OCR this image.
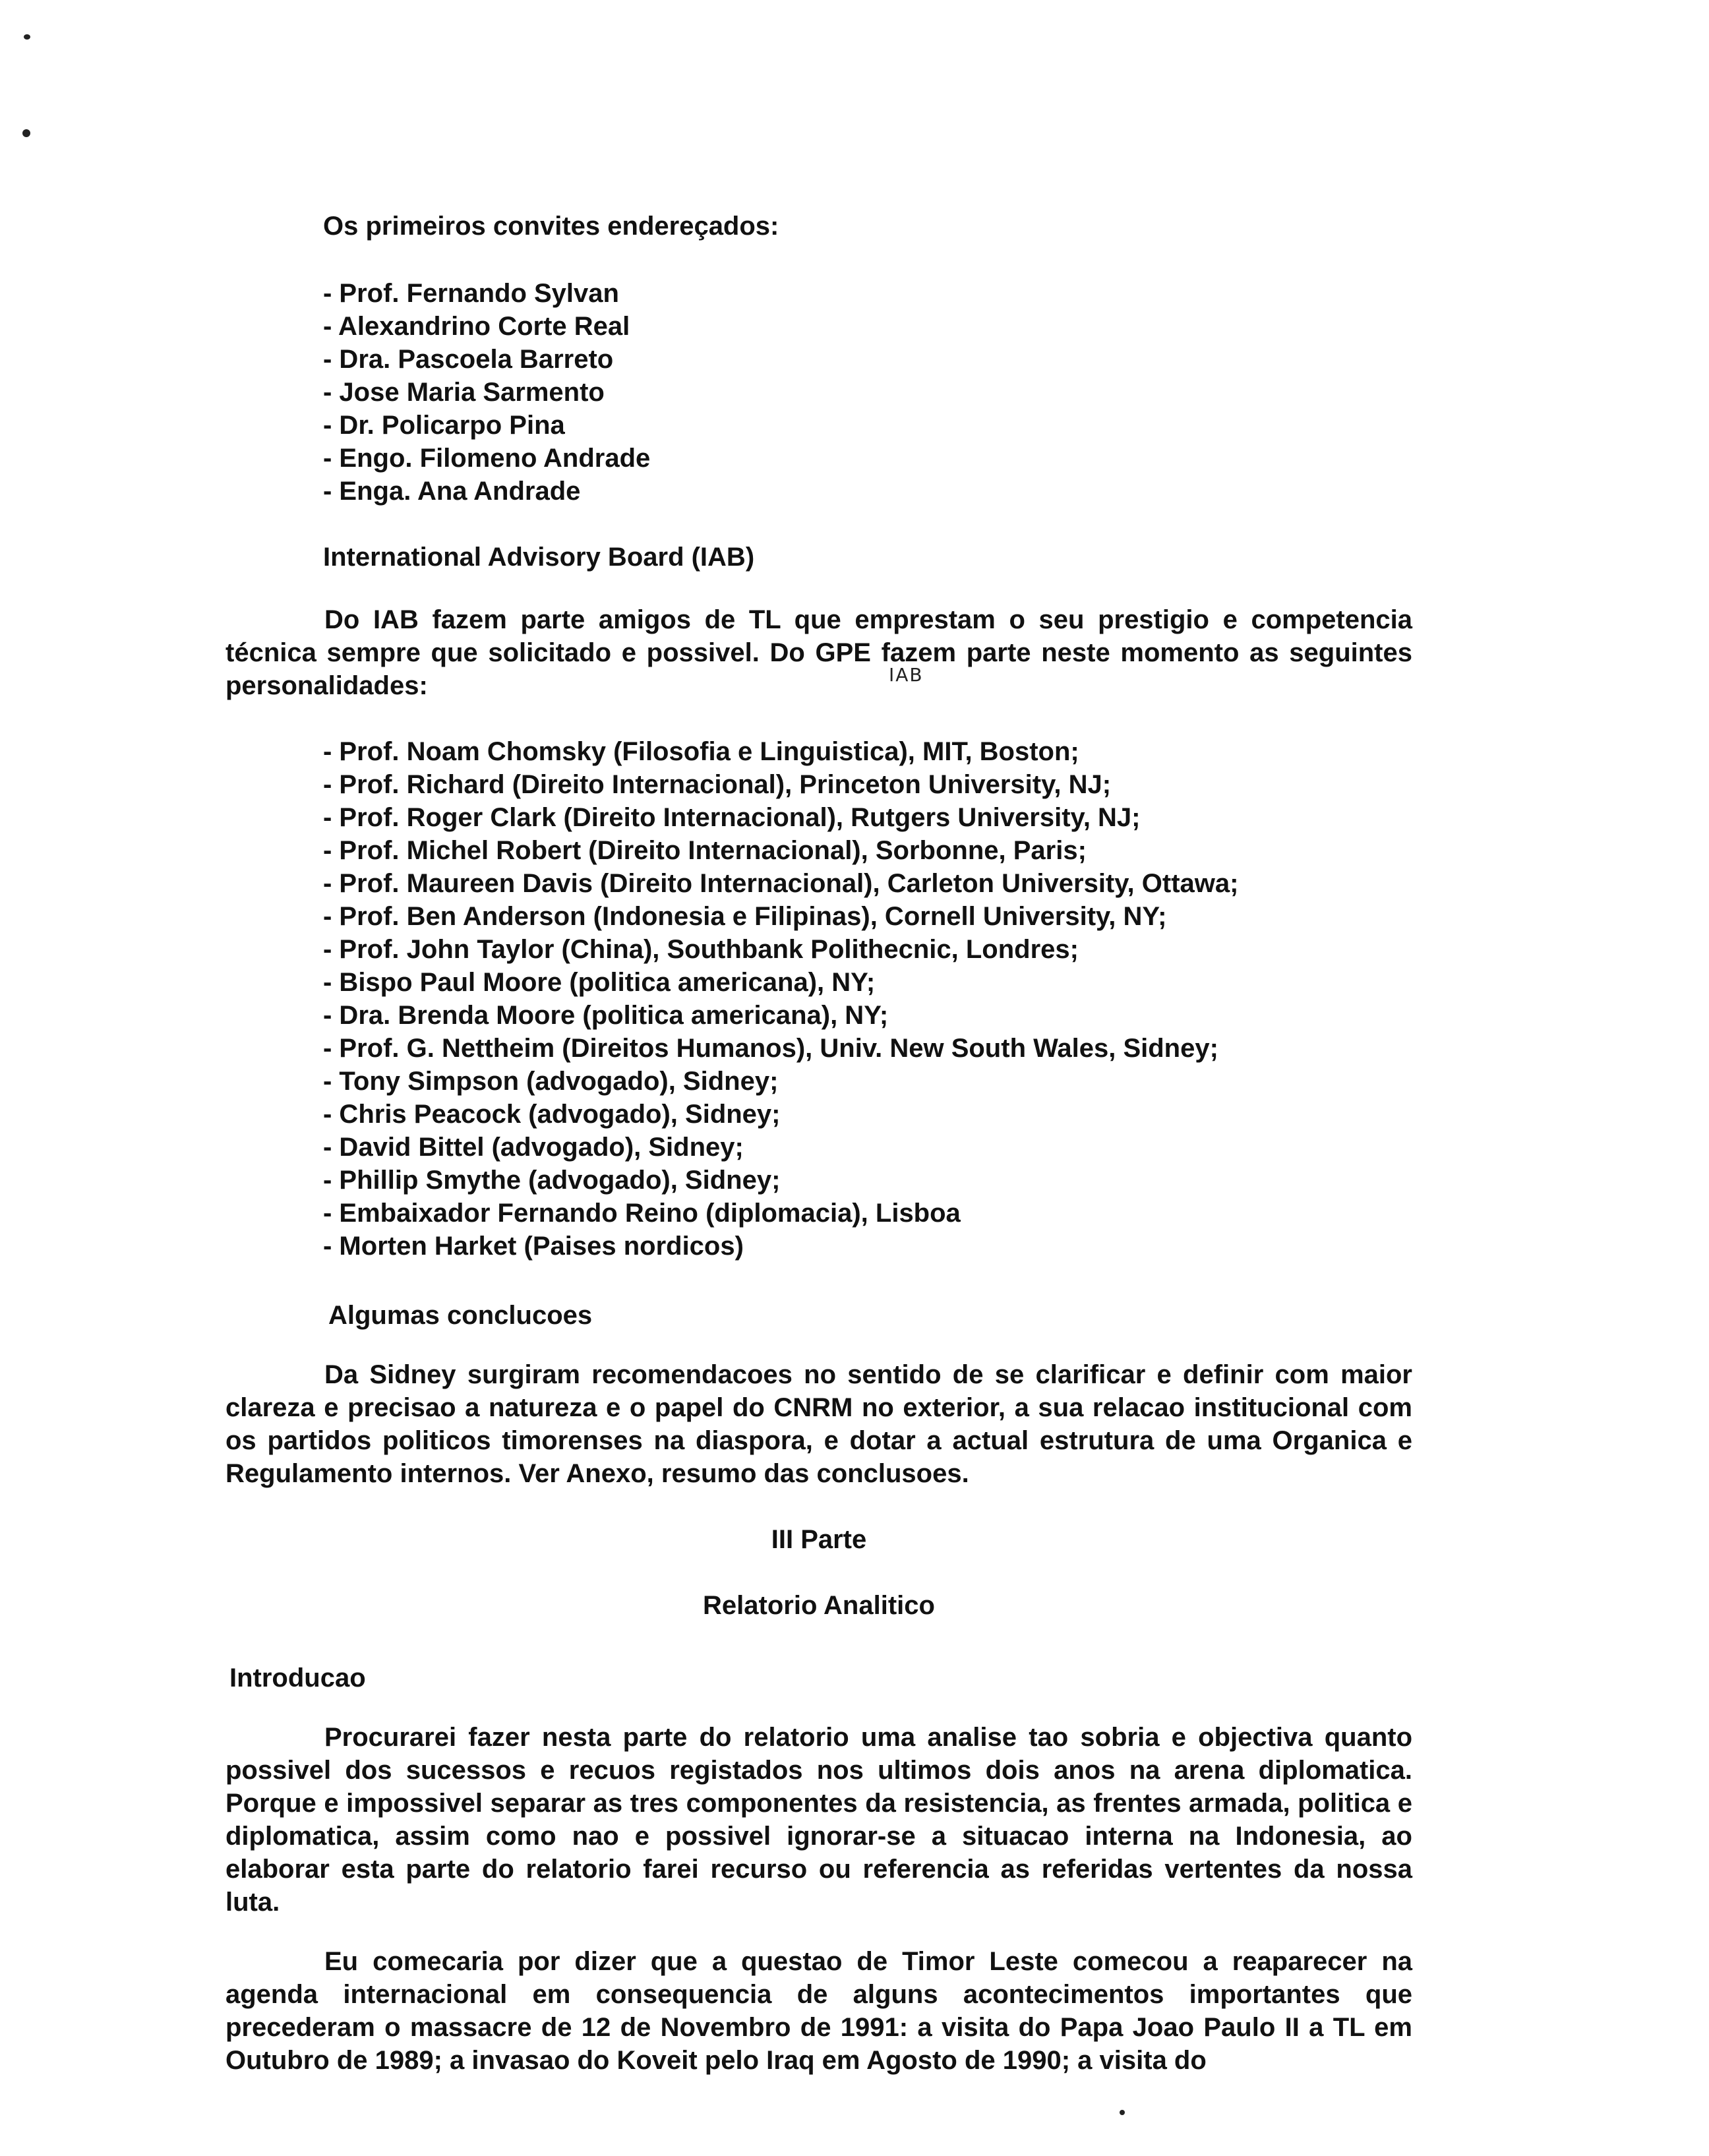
Os primeiros convites endereçados:
- Prof. Fernando Sylvan
- Alexandrino Corte Real
- Dra. Pascoela Barreto
- Jose Maria Sarmento
- Dr. Policarpo Pina
- Engo. Filomeno Andrade
- Enga. Ana Andrade
International Advisory Board (IAB)

Do IAB fazem parte amigos de TL que emprestam o seu prestigio e competencia técnica sempre que solicitado e possivel. Do GPE fazem parte neste momento as seguintes personalidades:	IAB
- Prof. Noam Chomsky (Filosofia e Linguistica), MIT, Boston;
- Prof. Richard (Direito Internacional), Princeton University, NJ;
- Prof. Roger Clark (Direito Internacional), Rutgers University, NJ;
- Prof. Michel Robert (Direito Internacional), Sorbonne, Paris;
- Prof. Maureen Davis (Direito Internacional), Carleton University, Ottawa;
- Prof. Ben Anderson (Indonesia e Filipinas), Cornell University, NY;
- Prof. John Taylor (China), Southbank Polithecnic, Londres;
- Bispo Paul Moore (politica americana), NY;
- Dra. Brenda Moore (politica americana), NY;
- Prof. G. Nettheim (Direitos Humanos), Univ. New South Wales, Sidney;
- Tony Simpson (advogado), Sidney;
- Chris Peacock (advogado), Sidney;
- David Bittel (advogado), Sidney;
- Phillip Smythe (advogado), Sidney;
- Embaixador Fernando Reino (diplomacia), Lisboa
- Morten Harket (Paises nordicos)
Algumas conclucoes

Da Sidney surgiram recomendacoes no sentido de se clarificar e definir com maior clareza e precisao a natureza e o papel do CNRM no exterior, a sua relacao institucional com os partidos politicos timorenses na diaspora, e dotar a actual estrutura de uma Organica e Regulamento internos. Ver Anexo, resumo das conclusoes.

III Parte
Relatorio Analitico
Introducao

Procurarei fazer nesta parte do relatorio uma analise tao sobria e objectiva quanto possivel dos sucessos e recuos registados nos ultimos dois anos na arena diplomatica. Porque e impossivel separar as tres componentes da resistencia, as frentes armada, politica e diplomatica, assim como nao e possivel ignorar-se a situacao interna na Indonesia, ao elaborar esta parte do relatorio farei recurso ou referencia as referidas vertentes da nossa luta.

Eu comecaria por dizer que a questao de Timor Leste comecou a reaparecer na agenda internacional em consequencia de alguns acontecimentos importantes que precederam o massacre de 12 de Novembro de 1991: a visita do Papa Joao Paulo II a TL em Outubro de 1989; a invasao do Koveit pelo Iraq em Agosto de 1990; a visita do
